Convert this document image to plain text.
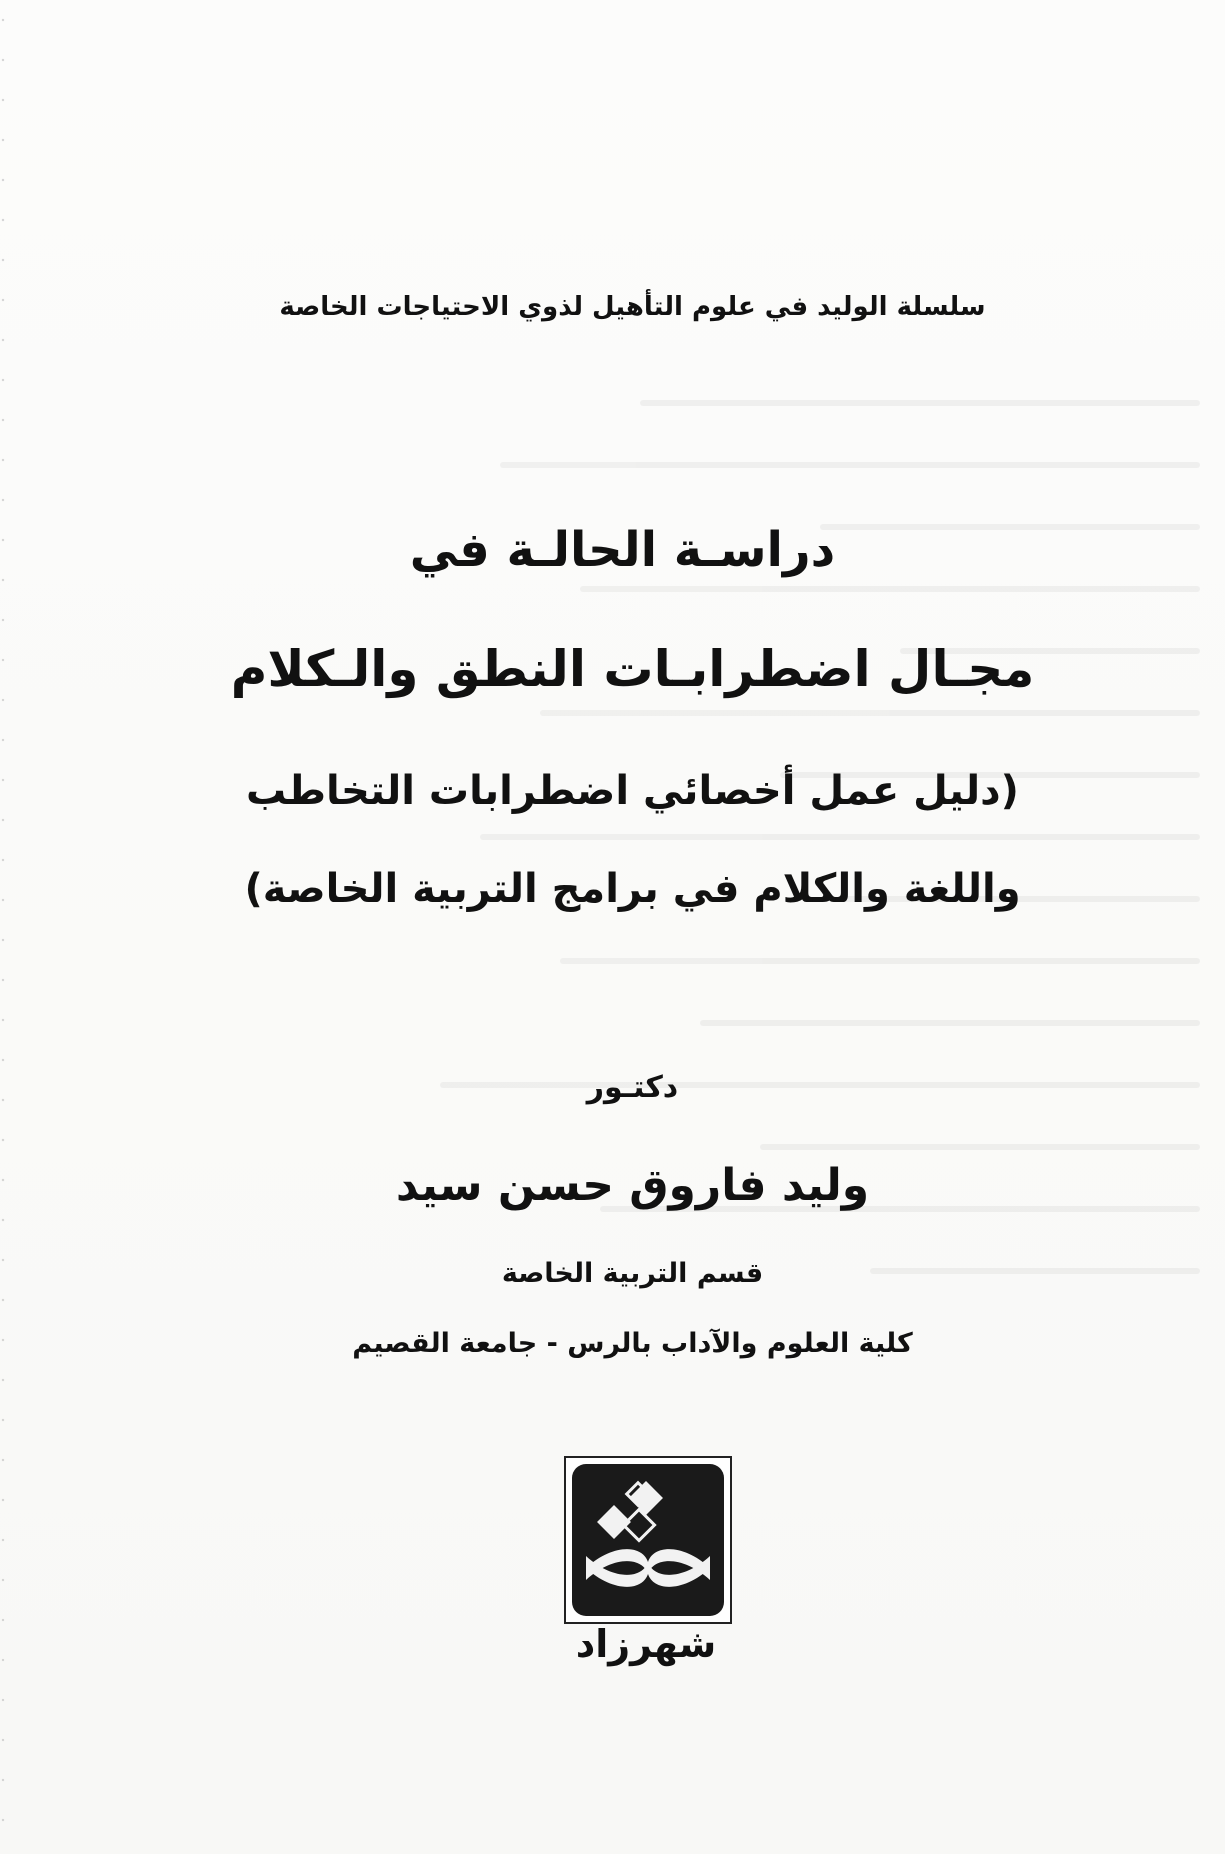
سلسلة الوليد في علوم التأهيل لذوي الاحتياجات الخاصة
دراسـة الحالـة في
مجـال اضطرابـات النطق والـكلام
(دليل عمل أخصائي اضطرابات التخاطب
واللغة والكلام في برامج التربية الخاصة)
دكتـور
وليد فاروق حسن سيد
قسم التربية الخاصة
كلية العلوم والآداب بالرس - جامعة القصيم
شهرزاد
